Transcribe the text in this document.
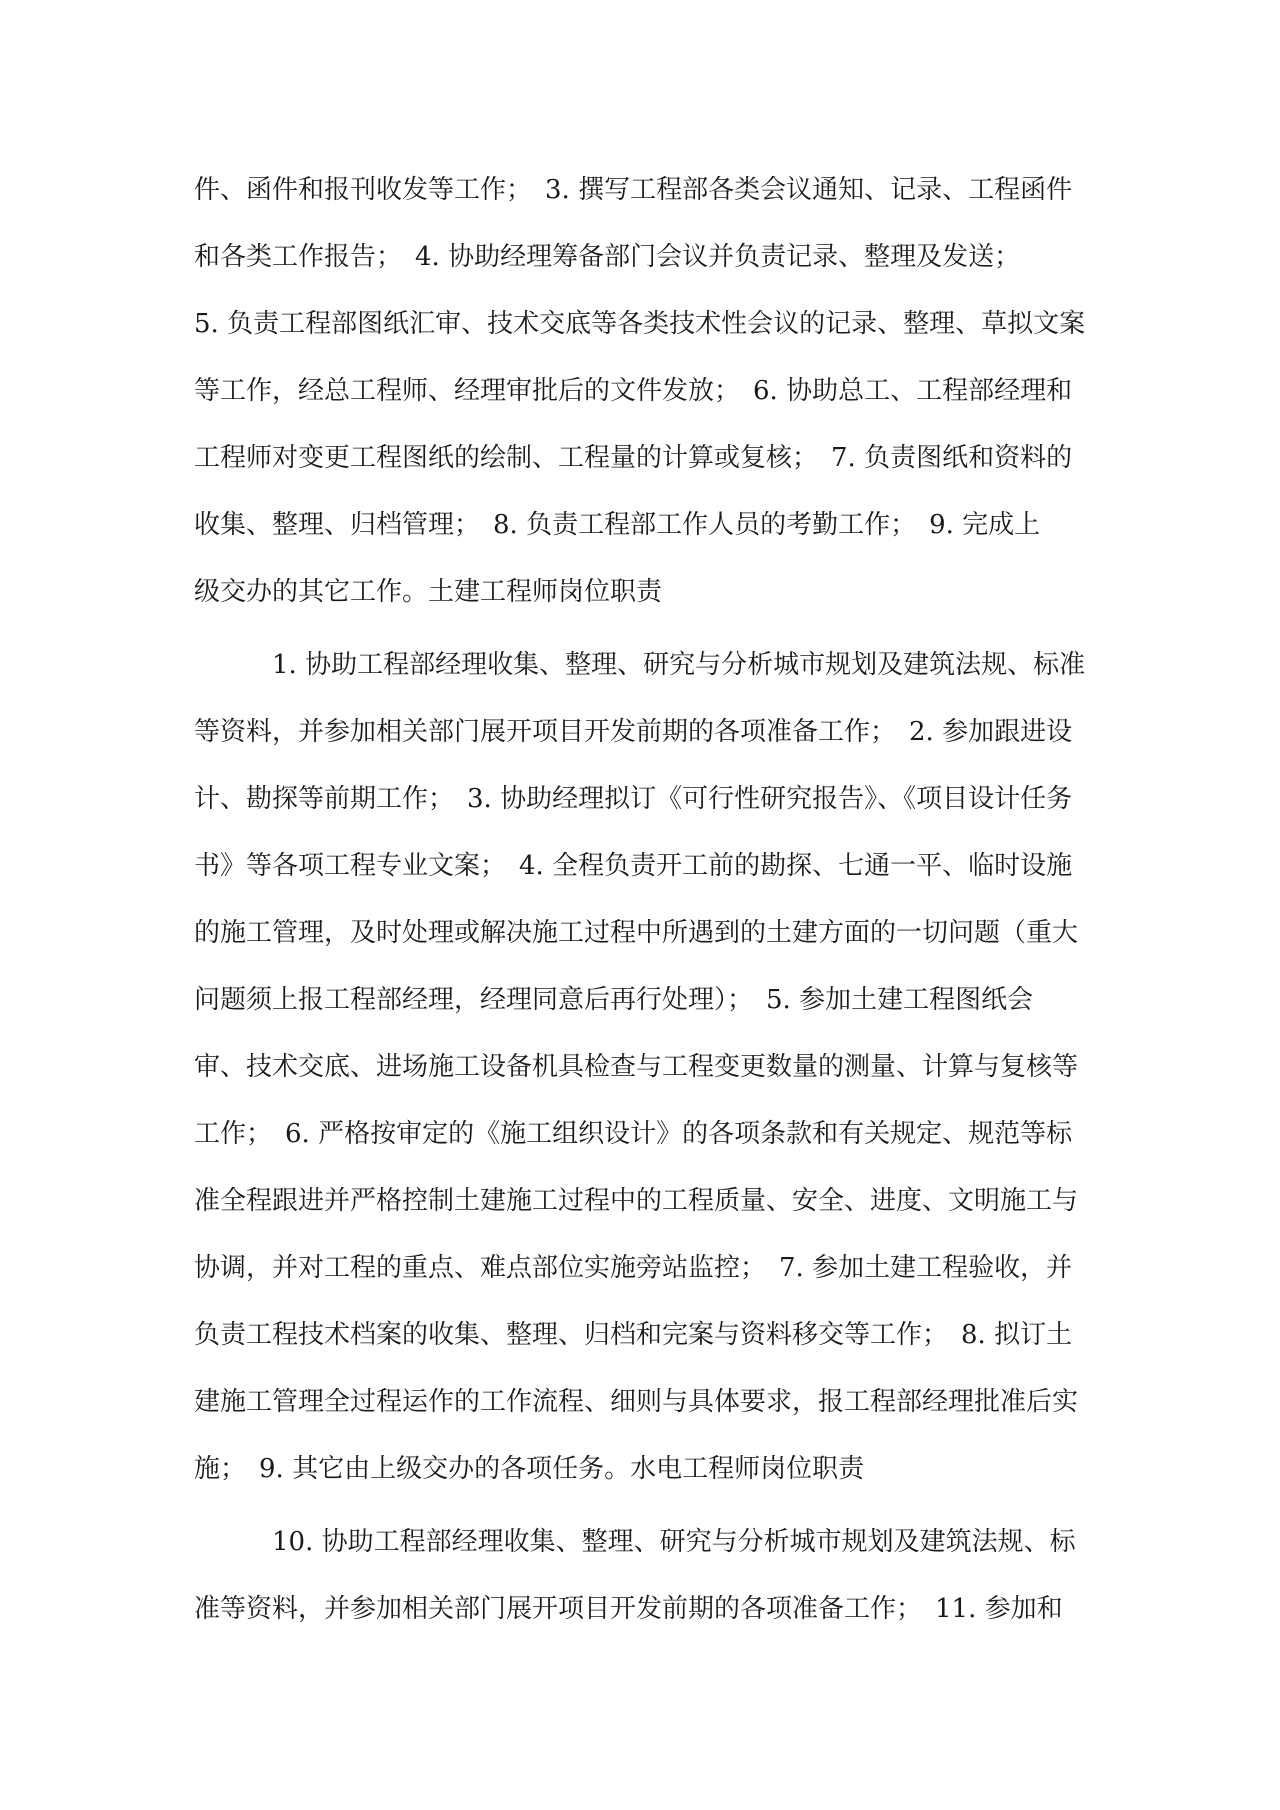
件、函件和报刊收发等工作；　3. 撰写工程部各类会议通知、记录、工程函件
和各类工作报告；　4. 协助经理筹备部门会议并负责记录、整理及发送；
5. 负责工程部图纸汇审、技术交底等各类技术性会议的记录、整理、草拟文案
等工作，经总工程师、经理审批后的文件发放；　6. 协助总工、工程部经理和
工程师对变更工程图纸的绘制、工程量的计算或复核；　7. 负责图纸和资料的
收集、整理、归档管理；　8. 负责工程部工作人员的考勤工作；　9. 完成上
级交办的其它工作。土建工程师岗位职责
1. 协助工程部经理收集、整理、研究与分析城市规划及建筑法规、标准
等资料，并参加相关部门展开项目开发前期的各项准备工作；　2. 参加跟进设
计、勘探等前期工作；　3. 协助经理拟订《可行性研究报告》、《项目设计任务
书》等各项工程专业文案；　4. 全程负责开工前的勘探、七通一平、临时设施
的施工管理，及时处理或解决施工过程中所遇到的土建方面的一切问题（重大
问题须上报工程部经理，经理同意后再行处理）；　5. 参加土建工程图纸会
审、技术交底、进场施工设备机具检查与工程变更数量的测量、计算与复核等
工作；　6. 严格按审定的《施工组织设计》的各项条款和有关规定、规范等标
准全程跟进并严格控制土建施工过程中的工程质量、安全、进度、文明施工与
协调，并对工程的重点、难点部位实施旁站监控；　7. 参加土建工程验收，并
负责工程技术档案的收集、整理、归档和完案与资料移交等工作；　8. 拟订土
建施工管理全过程运作的工作流程、细则与具体要求，报工程部经理批准后实
施；　9. 其它由上级交办的各项任务。水电工程师岗位职责
10. 协助工程部经理收集、整理、研究与分析城市规划及建筑法规、标
准等资料，并参加相关部门展开项目开发前期的各项准备工作；　11. 参加和
